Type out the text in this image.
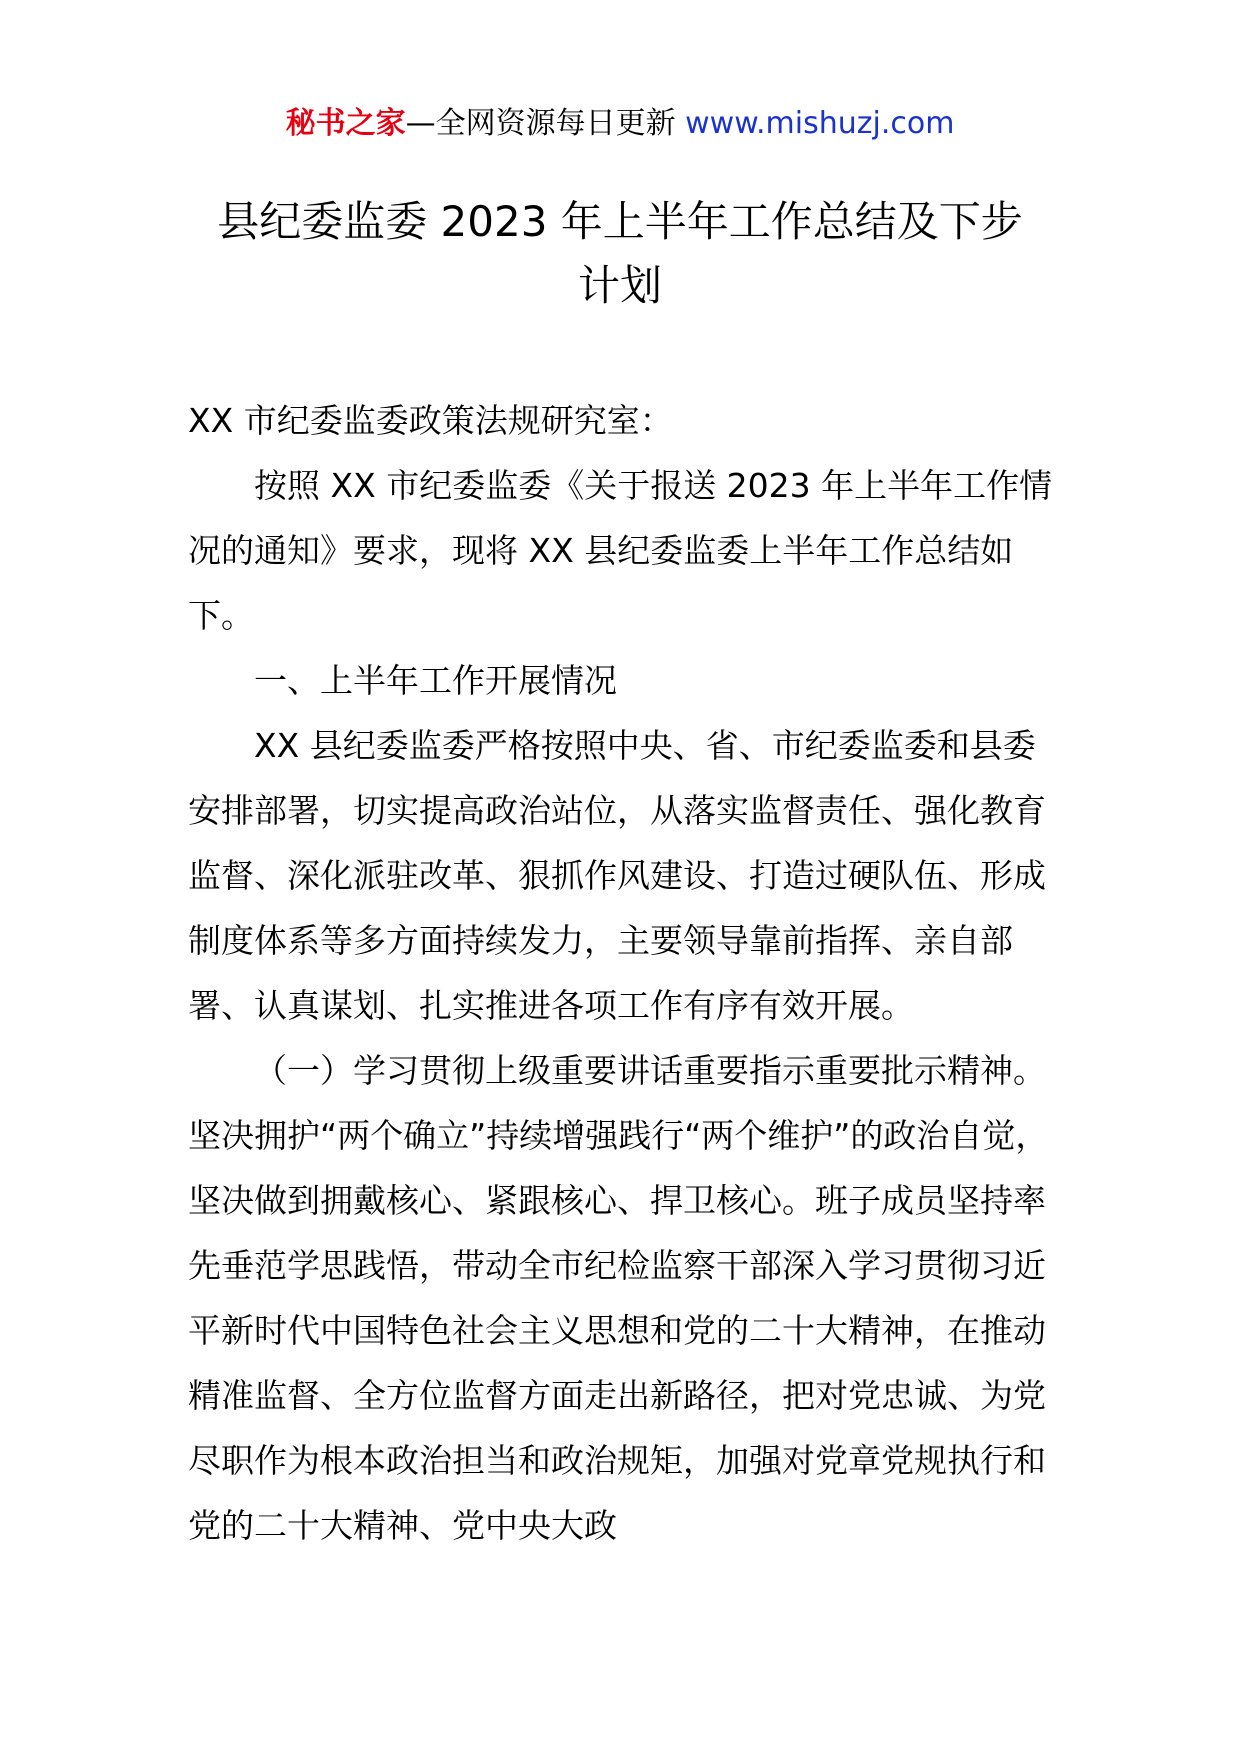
秘书之家—全网资源每日更新 www.mishuzj.com
县纪委监委 2023 年上半年工作总结及下步
计划

XX 市纪委监委政策法规研究室：

按照 XX 市纪委监委《关于报送 2023 年上半年工作情况的通知》要求，现将 XX 县纪委监委上半年工作总结如下。

一、上半年工作开展情况

XX 县纪委监委严格按照中央、省、市纪委监委和县委安排部署，切实提高政治站位，从落实监督责任、强化教育监督、深化派驻改革、狠抓作风建设、打造过硬队伍、形成制度体系等多方面持续发力，主要领导靠前指挥、亲自部署、认真谋划、扎实推进各项工作有序有效开展。

（一）学习贯彻上级重要讲话重要指示重要批示精神。坚决拥护“两个确立”持续增强践行“两个维护”的政治自觉，坚决做到拥戴核心、紧跟核心、捍卫核心。班子成员坚持率先垂范学思践悟，带动全市纪检监察干部深入学习贯彻习近平新时代中国特色社会主义思想和党的二十大精神，在推动精准监督、全方位监督方面走出新路径，把对党忠诚、为党尽职作为根本政治担当和政治规矩，加强对党章党规执行和党的二十大精神、党中央大政
